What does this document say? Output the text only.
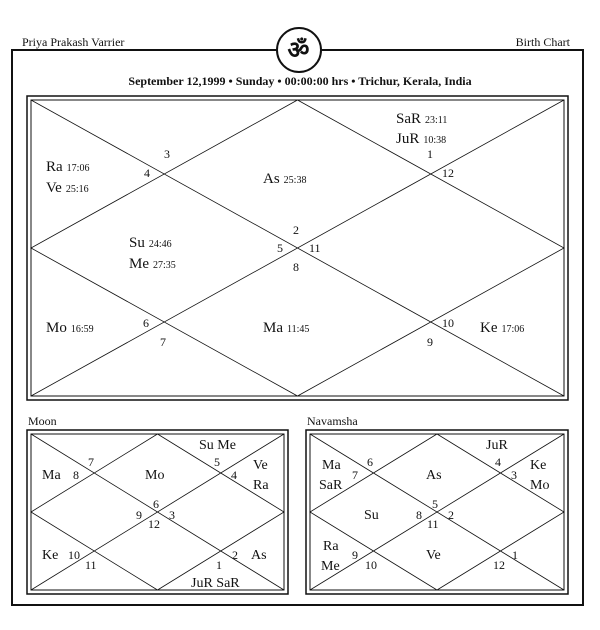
Priya Prakash Varrier	Birth Chart
ॐ
September 12,1999 • Sunday • 00:00:00 hrs • Trichur, Kerala, India
3
4
2
5 11
8
1
12
6
7
10
9
SaR 23:11
JuR 10:38
Ra 17:06
Ve 25:16
As 25:38
Su 24:46
Me 27:35
Mo 16:59	Ma 11:45	Ke 17:06
Moon
7
8
5
4
6
9 3
12
10
11	1
2
Ma	Mo
Su Me
Ve
Ra
Ke	As
JuR SaR
Navamsha
7
6	4
3
5
8 2
11
9
10
1
12
JuR
Ma
SaR
As
Ke
Mo
Su
Ra
Me
Ve
